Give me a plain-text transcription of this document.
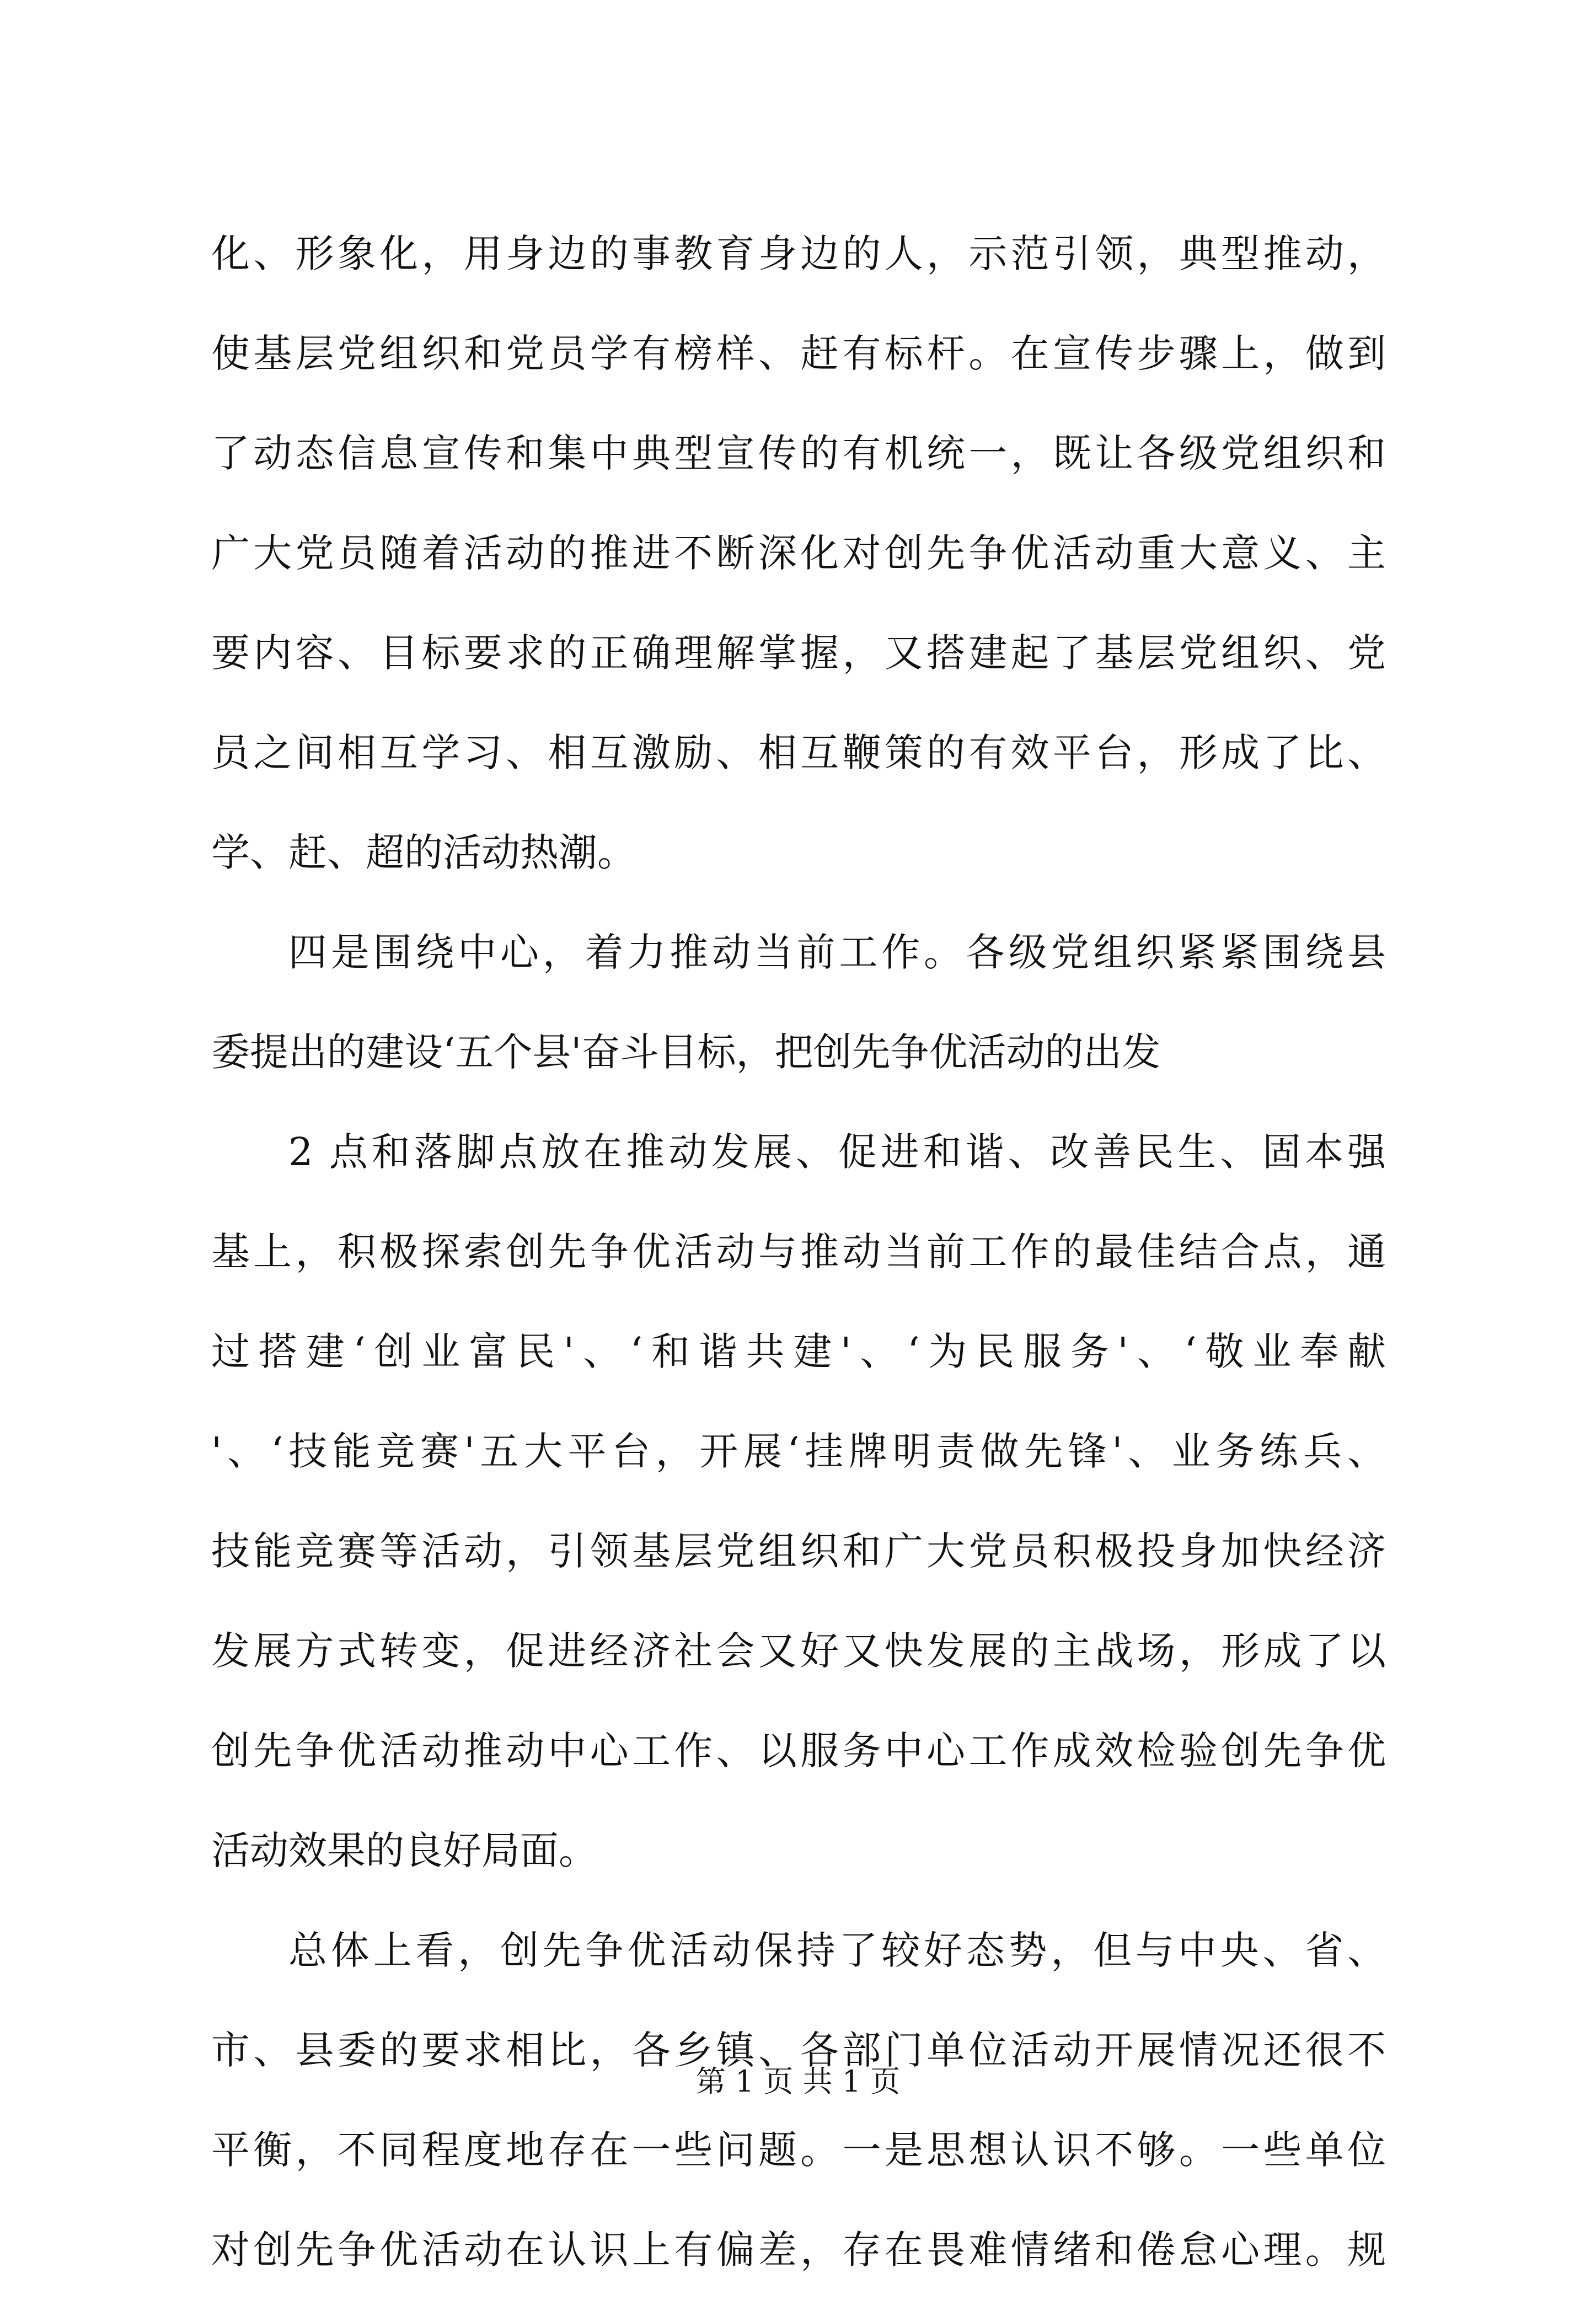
化、形象化，用身边的事教育身边的人，示范引领，典型推动，
使基层党组织和党员学有榜样、赶有标杆。在宣传步骤上，做到
了动态信息宣传和集中典型宣传的有机统一，既让各级党组织和
广大党员随着活动的推进不断深化对创先争优活动重大意义、主
要内容、目标要求的正确理解掌握，又搭建起了基层党组织、党
员之间相互学习、相互激励、相互鞭策的有效平台，形成了比、
学、赶、超的活动热潮。
四是围绕中心，着力推动当前工作。各级党组织紧紧围绕县
委提出的建设‘五个县'奋斗目标，把创先争优活动的出发
2 点和落脚点放在推动发展、促进和谐、改善民生、固本强
基上，积极探索创先争优活动与推动当前工作的最佳结合点，通
过搭建‘创业富民'、‘和谐共建'、‘为民服务'、‘敬业奉献
'、‘技能竞赛'五大平台，开展‘挂牌明责做先锋'、业务练兵、
技能竞赛等活动，引领基层党组织和广大党员积极投身加快经济
发展方式转变，促进经济社会又好又快发展的主战场，形成了以
创先争优活动推动中心工作、以服务中心工作成效检验创先争优
活动效果的良好局面。
总体上看，创先争优活动保持了较好态势，但与中央、省、
市、县委的要求相比，各乡镇、各部门单位活动开展情况还很不
平衡，不同程度地存在一些问题。一是思想认识不够。一些单位
对创先争优活动在认识上有偏差，存在畏难情绪和倦怠心理。规
第 1 页 共 1 页
